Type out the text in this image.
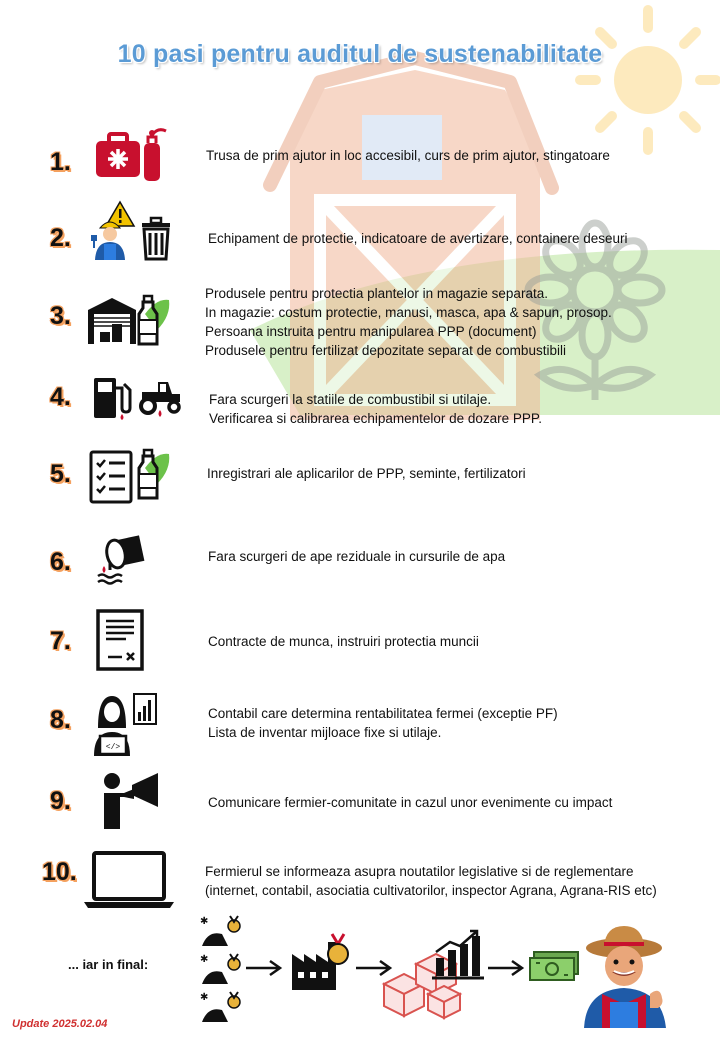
10 pasi pentru auditul de sustenabilitate
1.	Trusa de prim ajutor in loc accesibil, curs de prim ajutor, stingatoare
2.	Echipament de protectie, indicatoare de avertizare, containere deseuri
3.
Produsele pentru protectia plantelor in magazie separata.
In magazie: costum protectie, manusi, masca, apa & sapun, prosop.
Persoana instruita pentru manipularea PPP (document)
Produsele pentru fertilizat depozitate separat de combustibili
4.	Fara scurgeri la statiile de combustibil si utilaje.
Verificarea si calibrarea echipamentelor de dozare PPP.
5.	Inregistrari ale aplicarilor de PPP, seminte, fertilizatori
6.	Fara scurgeri de ape reziduale in cursurile de apa
7.	Contracte de munca, instruiri protectia muncii
8.
</>
Contabil care determina rentabilitatea fermei (exceptie PF)
Lista de inventar mijloace fixe si utilaje.
9.	Comunicare fermier-comunitate in cazul unor evenimente cu impact
10.	Fermierul se informeaza asupra noutatilor legislative si de reglementare
(internet, contabil, asociatia cultivatorilor, inspector Agrana, Agrana-RIS etc)
... iar in final:
✱
✱
✱
Update 2025.02.04
